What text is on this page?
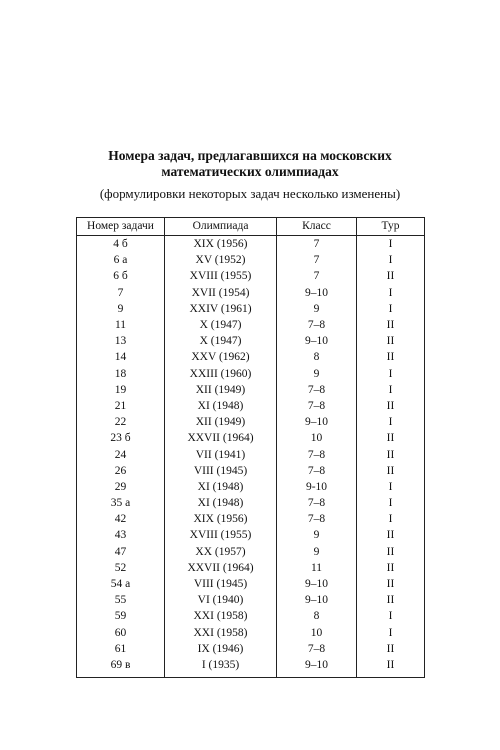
Номера задач, предлагавшихся на московских
математических олимпиадах
(формулировки некоторых задач несколько изменены)
Номер задачи	Олимпиада	Класс	Тур
4 б	XIX (1956)	7	I
6 а	XV (1952)	7	I
6 б	XVIII (1955)	7	II
7	XVII (1954)	9–10	I
9	XXIV (1961)	9	I
11	X (1947)	7–8	II
13	X (1947)	9–10	II
14	XXV (1962)	8	II
18	XXIII (1960)	9	I
19	XII (1949)	7–8	I
21	XI (1948)	7–8	II
22	XII (1949)	9–10	I
23 б	XXVII (1964)	10	II
24	VII (1941)	7–8	II
26	VIII (1945)	7–8	II
29	XI (1948)	9-10	I
35 а	XI (1948)	7–8	I
42	XIX (1956)	7–8	I
43	XVIII (1955)	9	II
47	XX (1957)	9	II
52	XXVII (1964)	11	II
54 а	VIII (1945)	9–10	II
55	VI (1940)	9–10	II
59	XXI (1958)	8	I
60	XXI (1958)	10	I
61	IX (1946)	7–8	II
69 в	I (1935)	9–10	II
